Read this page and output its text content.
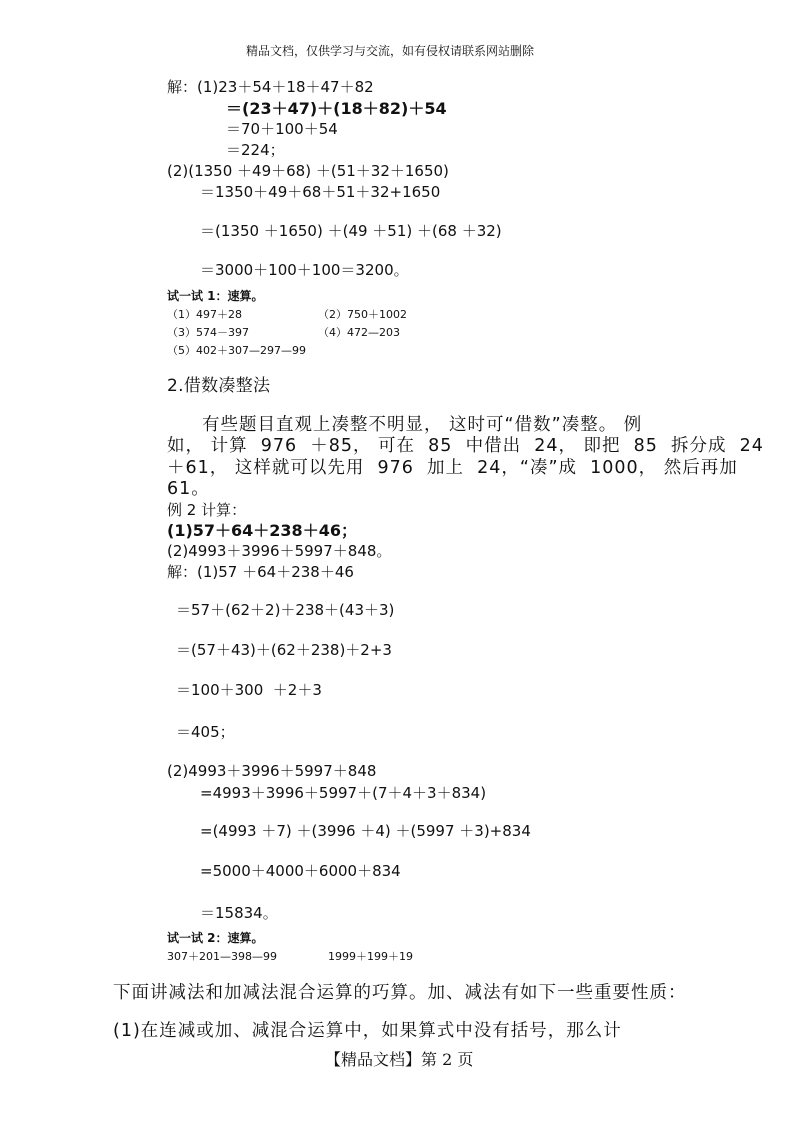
精品文档，仅供学习与交流，如有侵权请联系网站删除
解：(1)23＋54＋18＋47＋82
＝(23＋47)＋(18＋82)＋54
＝70＋100＋54
＝224；
(2)(1350 ＋49＋68) ＋(51＋32＋1650)
＝1350＋49＋68＋51＋32+1650
＝(1350 ＋1650) ＋(49 ＋51) ＋(68 ＋32)
＝3000＋100＋100＝3200。
试一试 1：速算。
（1）497＋28	（2）750＋1002
（3）574－397	（4）472—203
（5）402＋307—297—99
2.借数凑整法
有些题目直观上凑整不明显， 这时可“借数”凑整。 例
如， 计算  976  ＋85， 可在  85  中借出  24， 即把  85  拆分成  24
＋61， 这样就可以先用  976  加上  24，“凑”成  1000， 然后再加
61。
例 2 计算：
(1)57＋64＋238＋46；
(2)4993＋3996＋5997＋848。
解：(1)57 ＋64＋238＋46
＝57＋(62＋2)＋238＋(43＋3)
＝(57＋43)＋(62＋238)＋2+3
＝100＋300  ＋2＋3
＝405；
(2)4993＋3996＋5997＋848
=4993＋3996＋5997＋(7＋4＋3＋834)
=(4993 ＋7) ＋(3996 ＋4) ＋(5997 ＋3)+834
=5000＋4000＋6000＋834
＝15834。
试一试 2：速算。
307＋201—398—99	1999＋199＋19
下面讲减法和加减法混合运算的巧算。加、减法有如下一些重要性质：
(1)在连减或加、减混合运算中，如果算式中没有括号，那么计
【精品文档】第 2 页
